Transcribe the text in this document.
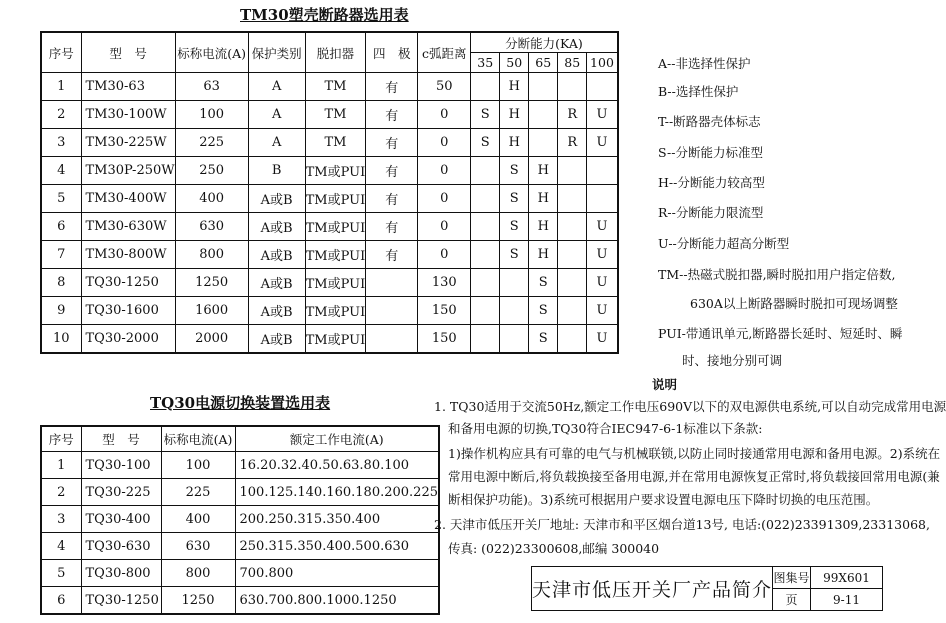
TM30塑壳断路器选用表
序号	型　号	标称电流(A)	保护类别	脱扣器	四　极	c弧距离	分断能力(KA)				
							35	50	65	85	100
1	TM30-63	63	A	TM	有	50		H			
2	TM30-100W	100	A	TM	有	0	S	H		R	U
3	TM30-225W	225	A	TM	有	0	S	H		R	U
4	TM30P-250W	250	B	TM或PUI	有	0		S	H		
5	TM30-400W	400	A或B	TM或PUI	有	0		S	H		
6	TM30-630W	630	A或B	TM或PUI	有	0		S	H		U
7	TM30-800W	800	A或B	TM或PUI	有	0		S	H		U
8	TQ30-1250	1250	A或B	TM或PUI		130			S		U
9	TQ30-1600	1600	A或B	TM或PUI		150			S		U
10	TQ30-2000	2000	A或B	TM或PUI		150			S		U
A--非选择性保护
B--选择性保护
T--断路器壳体标志
S--分断能力标准型
H--分断能力较高型
R--分断能力限流型
U--分断能力超高分断型
TM--热磁式脱扣器,瞬时脱扣用户指定倍数,
630A以上断路器瞬时脱扣可现场调整
PUI-带通讯单元,断路器长延时、短延时、瞬
时、接地分别可调
TQ30电源切换装置选用表
序号	型　号	标称电流(A)	额定工作电流(A)
1	TQ30-100	100	16.20.32.40.50.63.80.100
2	TQ30-225	225	100.125.140.160.180.200.225
3	TQ30-400	400	200.250.315.350.400
4	TQ30-630	630	250.315.350.400.500.630
5	TQ30-800	800	700.800
6	TQ30-1250	1250	630.700.800.1000.1250
说明
1. TQ30适用于交流50Hz,额定工作电压690V以下的双电源供电系统,可以自动完成常用电源
和备用电源的切换,TQ30符合IEC947-6-1标准以下条款:
1)操作机构应具有可靠的电气与机械联锁,以防止同时接通常用电源和备用电源。2)系统在
常用电源中断后,将负载换接至备用电源,并在常用电源恢复正常时,将负载接回常用电源(兼
断相保护功能)。3)系统可根据用户要求设置电源电压下降时切换的电压范围。
2. 天津市低压开关厂地址: 天津市和平区烟台道13号, 电话:(022)23391309,23313068,
传真: (022)23300608,邮编 300040
天津市低压开关厂产品简介	图集号	99X601
	页	9-11
